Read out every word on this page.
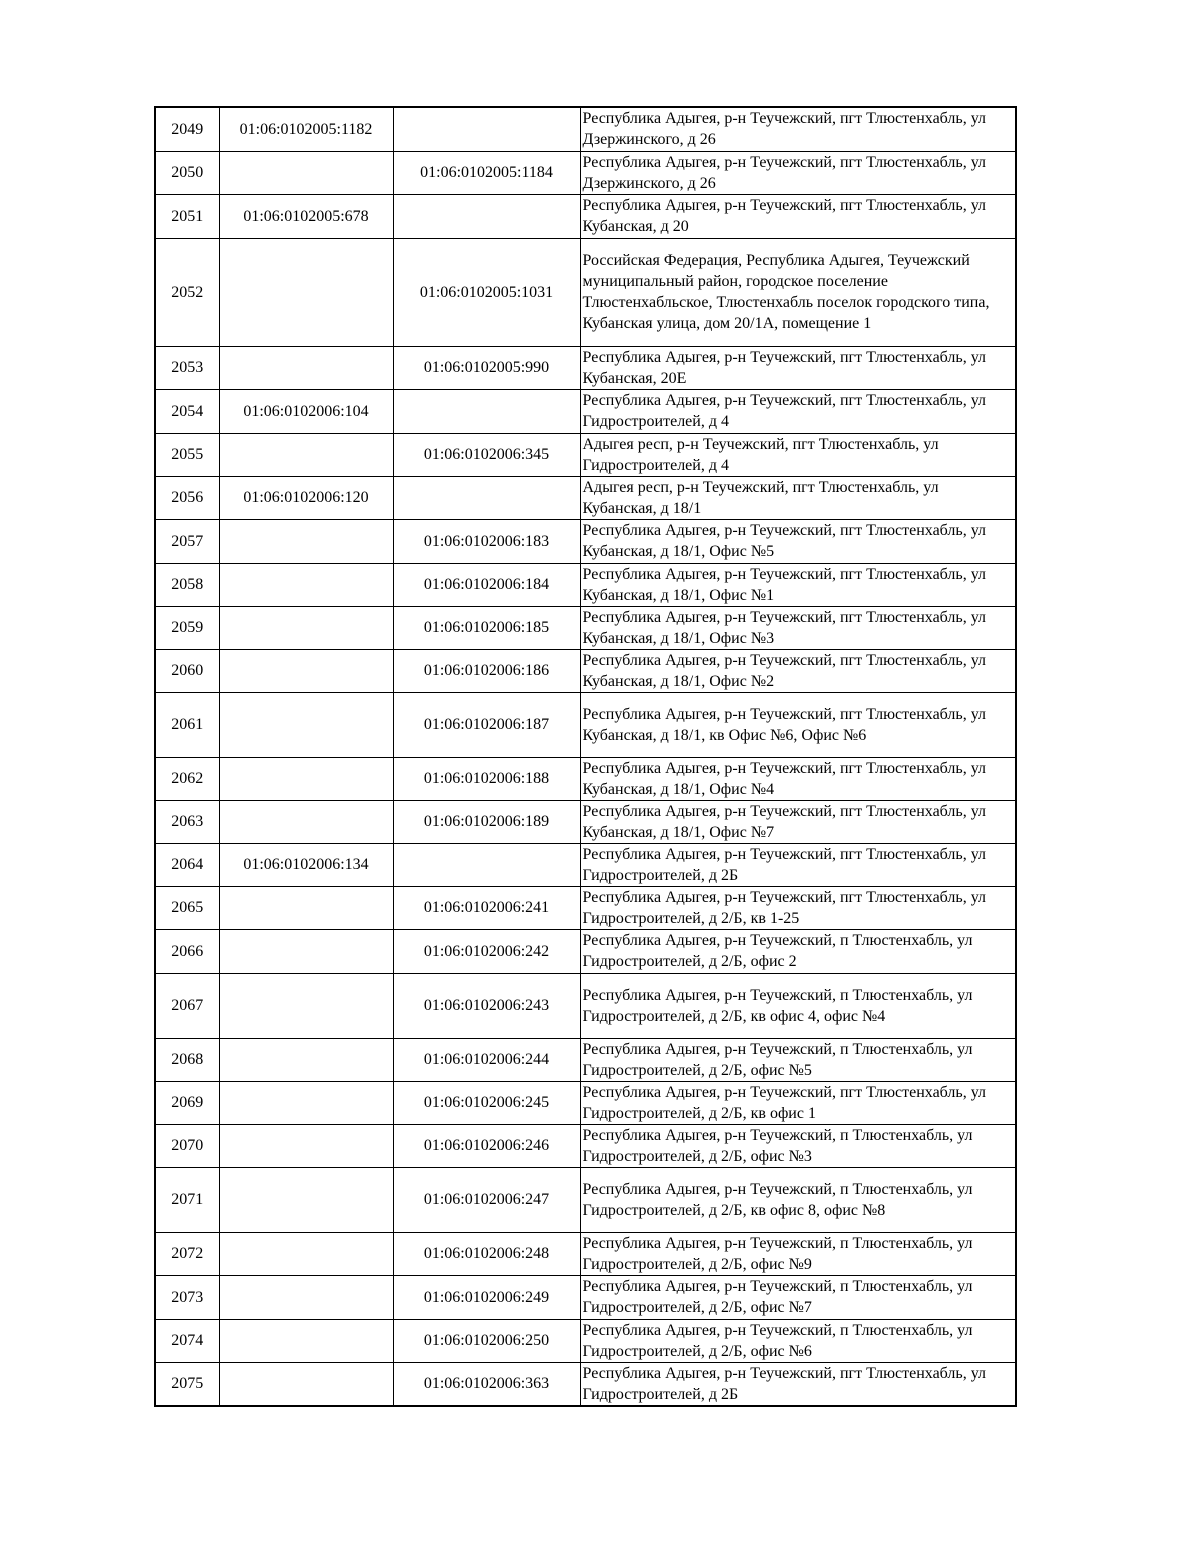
2049	01:06:0102005:1182		Республика Адыгея, р-н Теучежский, пгт Тлюстенхабль, ул Дзержинского, д 26
2050		01:06:0102005:1184	Республика Адыгея, р-н Теучежский, пгт Тлюстенхабль, ул Дзержинского, д 26
2051	01:06:0102005:678		Республика Адыгея, р-н Теучежский, пгт Тлюстенхабль, ул Кубанская, д 20
2052		01:06:0102005:1031	Российская Федерация, Республика Адыгея, Теучежский муниципальный район, городское поселение Тлюстенхабльское, Тлюстенхабль поселок городского типа, Кубанская улица, дом 20/1А, помещение 1
2053		01:06:0102005:990	Республика Адыгея, р-н Теучежский, пгт Тлюстенхабль, ул Кубанская, 20Е
2054	01:06:0102006:104		Республика Адыгея, р-н Теучежский, пгт Тлюстенхабль, ул Гидростроителей, д 4
2055		01:06:0102006:345	Адыгея респ, р-н Теучежский, пгт Тлюстенхабль, ул Гидростроителей, д 4
2056	01:06:0102006:120		Адыгея респ, р-н Теучежский, пгт Тлюстенхабль, ул Кубанская, д 18/1
2057		01:06:0102006:183	Республика Адыгея, р-н Теучежский, пгт Тлюстенхабль, ул Кубанская, д 18/1, Офис №5
2058		01:06:0102006:184	Республика Адыгея, р-н Теучежский, пгт Тлюстенхабль, ул Кубанская, д 18/1, Офис №1
2059		01:06:0102006:185	Республика Адыгея, р-н Теучежский, пгт Тлюстенхабль, ул Кубанская, д 18/1, Офис №3
2060		01:06:0102006:186	Республика Адыгея, р-н Теучежский, пгт Тлюстенхабль, ул Кубанская, д 18/1, Офис №2
2061		01:06:0102006:187	Республика Адыгея, р-н Теучежский, пгт Тлюстенхабль, ул Кубанская, д 18/1, кв Офис №6, Офис №6
2062		01:06:0102006:188	Республика Адыгея, р-н Теучежский, пгт Тлюстенхабль, ул Кубанская, д 18/1, Офис №4
2063		01:06:0102006:189	Республика Адыгея, р-н Теучежский, пгт Тлюстенхабль, ул Кубанская, д 18/1, Офис №7
2064	01:06:0102006:134		Республика Адыгея, р-н Теучежский, пгт Тлюстенхабль, ул Гидростроителей, д 2Б
2065		01:06:0102006:241	Республика Адыгея, р-н Теучежский, пгт Тлюстенхабль, ул Гидростроителей, д 2/Б, кв 1-25
2066		01:06:0102006:242	Республика Адыгея, р-н Теучежский, п Тлюстенхабль, ул Гидростроителей, д 2/Б, офис 2
2067		01:06:0102006:243	Республика Адыгея, р-н Теучежский, п Тлюстенхабль, ул Гидростроителей, д 2/Б, кв офис 4, офис №4
2068		01:06:0102006:244	Республика Адыгея, р-н Теучежский, п Тлюстенхабль, ул Гидростроителей, д 2/Б, офис №5
2069		01:06:0102006:245	Республика Адыгея, р-н Теучежский, пгт Тлюстенхабль, ул Гидростроителей, д 2/Б, кв офис 1
2070		01:06:0102006:246	Республика Адыгея, р-н Теучежский, п Тлюстенхабль, ул Гидростроителей, д 2/Б, офис №3
2071		01:06:0102006:247	Республика Адыгея, р-н Теучежский, п Тлюстенхабль, ул Гидростроителей, д 2/Б, кв офис 8, офис №8
2072		01:06:0102006:248	Республика Адыгея, р-н Теучежский, п Тлюстенхабль, ул Гидростроителей, д 2/Б, офис №9
2073		01:06:0102006:249	Республика Адыгея, р-н Теучежский, п Тлюстенхабль, ул Гидростроителей, д 2/Б, офис №7
2074		01:06:0102006:250	Республика Адыгея, р-н Теучежский, п Тлюстенхабль, ул Гидростроителей, д 2/Б, офис №6
2075		01:06:0102006:363	Республика Адыгея, р-н Теучежский, пгт Тлюстенхабль, ул Гидростроителей, д 2Б
